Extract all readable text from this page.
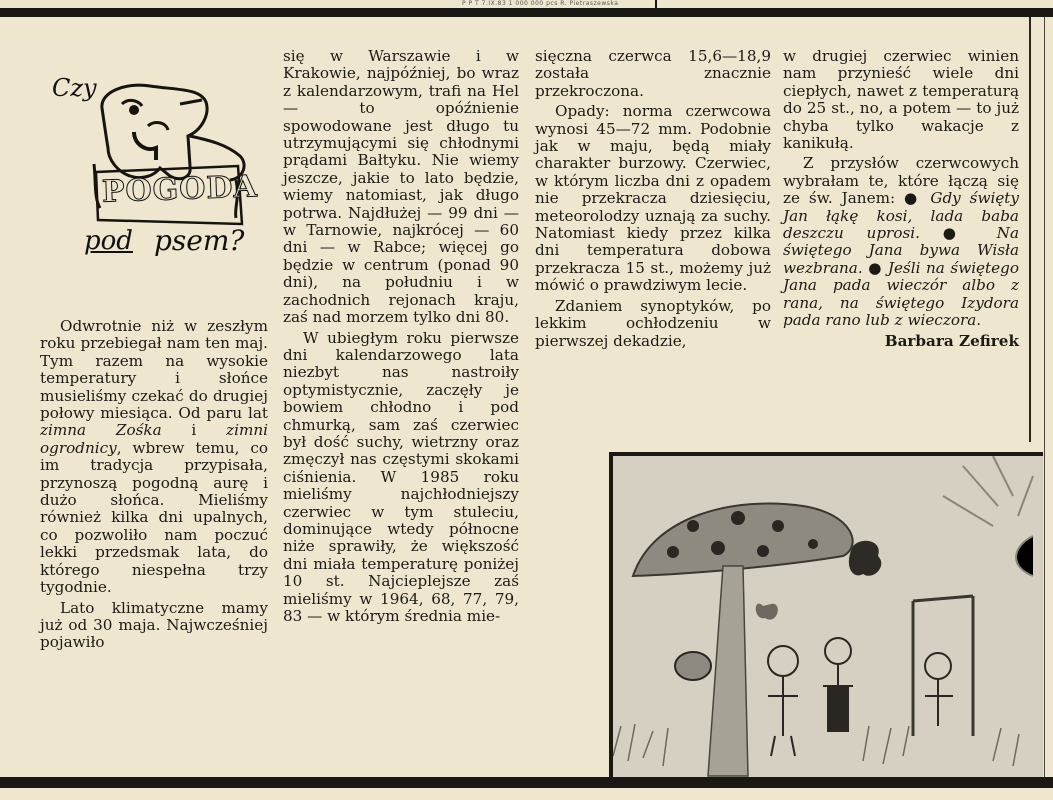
P P T 7.IX.83 1 000 000 pcs R. Pietraszewska
Czy
POGODA
pod psem?

Odwrotnie niż w zeszłym roku przebiegał nam ten maj. Tym razem na wysokie temperatury i słońce musieliśmy czekać do drugiej połowy miesiąca. Od paru lat zimna Zośka i zimni ogrodnicy, wbrew temu, co im tradycja przypisała, przynoszą pogodną aurę i dużo słońca. Mieliśmy również kilka dni upalnych, co pozwoliło nam poczuć lekki przedsmak lata, do którego niespełna trzy tygodnie.

Lato klimatyczne mamy już od 30 maja. Najwcześniej pojawiło

się w Warszawie i w Krakowie, najpóźniej, bo wraz z kalendarzowym, trafi na Hel — to opóźnienie spowodowane jest długo tu utrzymującymi się chłodnymi prądami Bałtyku. Nie wiemy jeszcze, jakie to lato będzie, wiemy natomiast, jak długo potrwa. Najdłużej — 99 dni — w Tarnowie, najkrócej — 60 dni — w Rabce; więcej go będzie w centrum (ponad 90 dni), na południu i w zachodnich rejonach kraju, zaś nad morzem tylko dni 80.

W ubiegłym roku pierwsze dni kalendarzowego lata niezbyt nas nastroiły optymistycznie, zaczęły je bowiem chłodno i pod chmurką, sam zaś czerwiec był dość suchy, wietrzny oraz zmęczył nas częstymi skokami ciśnienia. W 1985 roku mieliśmy najchłodniejszy czerwiec w tym stuleciu, dominujące wtedy północne niże sprawiły, że większość dni miała temperaturę poniżej 10 st. Najcieplejsze zaś mieliśmy w 1964, 68, 77, 79, 83 — w którym średnia mie-

sięczna czerwca 15,6—18,9 została znacznie przekroczona.

Opady: norma czerwcowa wynosi 45—72 mm. Podobnie jak w maju, będą miały charakter burzowy. Czerwiec, w którym liczba dni z opadem nie przekracza dziesięciu, meteorolodzy uznają za suchy. Natomiast kiedy przez kilka dni temperatura dobowa przekracza 15 st., możemy już mówić o prawdziwym lecie.

Zdaniem synoptyków, po lekkim ochłodzeniu w pierwszej dekadzie,

w drugiej czerwiec winien nam przynieść wiele dni ciepłych, nawet z temperaturą do 25 st., no, a potem — to już chyba tylko wakacje z kanikułą.

Z przysłów czerwcowych wybrałam te, które łączą się ze św. Janem: ● Gdy święty Jan łąkę kosi, lada baba deszczu uprosi. ● Na świętego Jana bywa Wisła wezbrana. ● Jeśli na świętego Jana pada wieczór albo z rana, na świętego Izydora pada rano lub z wieczora.

Barbara Zefirek
